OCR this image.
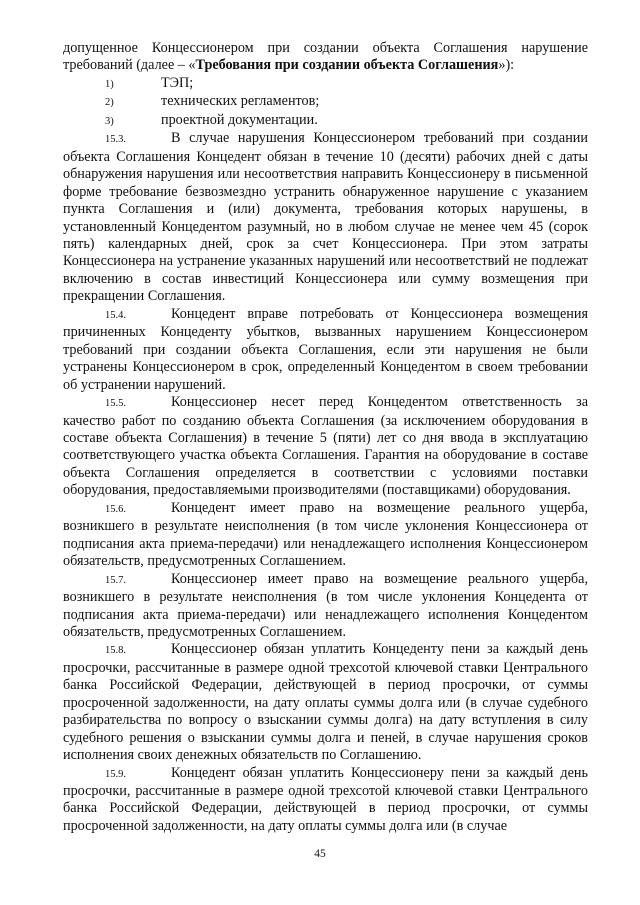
допущенное Концессионером при создании объекта Соглашения нарушение требований (далее – «Требования при создании объекта Соглашения»):

1)	ТЭП;

2)	технических регламентов;

3)	проектной документации.

15.3.	В случае нарушения Концессионером требований при создании объекта Соглашения Концедент обязан в течение 10 (десяти) рабочих дней с даты обнаружения нарушения или несоответствия направить Концессионеру в письменной форме требование безвозмездно устранить обнаруженное нарушение с указанием пункта Соглашения и (или) документа, требования которых нарушены, в установленный Концедентом разумный, но в любом случае не менее чем 45 (сорок пять) календарных дней, срок за счет Концессионера. При этом затраты Концессионера на устранение указанных нарушений или несоответствий не подлежат включению в состав инвестиций Концессионера или сумму возмещения при прекращении Соглашения.

15.4.	Концедент вправе потребовать от Концессионера возмещения причиненных Концеденту убытков, вызванных нарушением Концессионером требований при создании объекта Соглашения, если эти нарушения не были устранены Концессионером в срок, определенный Концедентом в своем требовании об устранении нарушений.

15.5.	Концессионер несет перед Концедентом ответственность за качество работ по созданию объекта Соглашения (за исключением оборудования в составе объекта Соглашения) в течение 5 (пяти) лет со дня ввода в эксплуатацию соответствующего участка объекта Соглашения. Гарантия на оборудование в составе объекта Соглашения определяется в соответствии с условиями поставки оборудования, предоставляемыми производителями (поставщиками) оборудования.

15.6.	Концедент имеет право на возмещение реального ущерба, возникшего в результате неисполнения (в том числе уклонения Концессионера от подписания акта приема-передачи) или ненадлежащего исполнения Концессионером обязательств, предусмотренных Соглашением.

15.7.	Концессионер имеет право на возмещение реального ущерба, возникшего в результате неисполнения (в том числе уклонения Концедента от подписания акта приема-передачи) или ненадлежащего исполнения Концедентом обязательств, предусмотренных Соглашением.

15.8.	Концессионер обязан уплатить Концеденту пени за каждый день просрочки, рассчитанные в размере одной трехсотой ключевой ставки Центрального банка Российской Федерации, действующей в период просрочки, от суммы просроченной задолженности, на дату оплаты суммы долга или (в случае судебного разбирательства по вопросу о взыскании суммы долга) на дату вступления в силу судебного решения о взыскании суммы долга и пеней, в случае нарушения сроков исполнения своих денежных обязательств по Соглашению.

15.9.	Концедент обязан уплатить Концессионеру пени за каждый день просрочки, рассчитанные в размере одной трехсотой ключевой ставки Центрального банка Российской Федерации, действующей в период просрочки, от суммы просроченной задолженности, на дату оплаты суммы долга или (в случае

45
